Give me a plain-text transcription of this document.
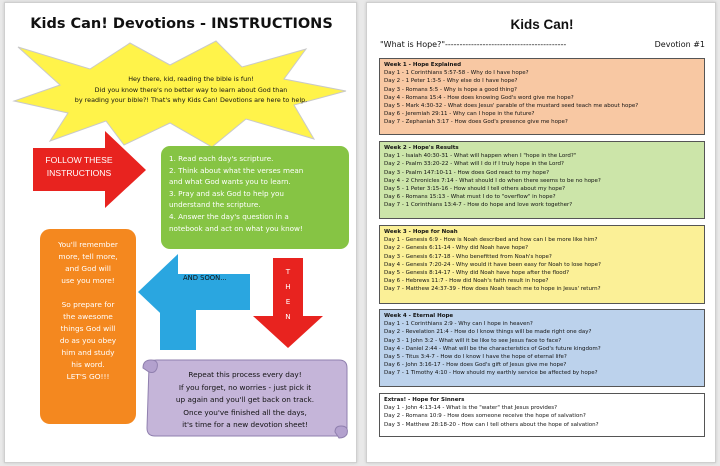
Kids Can! Devotions - INSTRUCTIONS
Hey there, kid, reading the bible is fun!
Did you know there's no better way to learn about God than
by reading your bible?! That's why Kids Can! Devotions are here to help.
FOLLOW THESE
INSTRUCTIONS
1. Read each day's scripture.
2. Think about what the verses mean
and what God wants you to learn.
3. Pray and ask God to help you
understand the scripture.
4. Answer the day's question in a
notebook and act on what you know!
AND SOON...
T
H
E
N

You'll remember
more, tell more,
and God will
use you more!

So prepare for
the awesome
things God will
do as you obey
him and study
his word.
LET'S GO!!!	Repeat this process every day!
If you forget, no worries - just pick it
up again and you'll get back on track.
Once you've finished all the days,
it's time for a new devotion sheet!
Kids Can!
"What is Hope?"------------------------------------------	Devotion #1
Week 1 - Hope Explained
Day 1 - 1 Corinthians 5:57-58 - Why do I have hope?
Day 2 - 1 Peter 1:3-5 - Why else do I have hope?
Day 3 - Romans 5:5 - Why is hope a good thing?
Day 4 - Romans 15:4 - How does knowing God's word give me hope?
Day 5 - Mark 4:30-32 - What does Jesus' parable of the mustard seed teach me about hope?
Day 6 - Jeremiah 29:11 - Why can I hope in the future?
Day 7 - Zephaniah 3:17 - How does God's presence give me hope?
Week 2 - Hope's Results
Day 1 - Isaiah 40:30-31 - What will happen when I "hope in the Lord?"
Day 2 - Psalm 33:20-22 - What will I do if I truly hope in the Lord?
Day 3 - Psalm 147:10-11 - How does God react to my hope?
Day 4 - 2 Chronicles 7:14 - What should I do when there seems to be no hope?
Day 5 - 1 Peter 3:15-16 - How should I tell others about my hope?
Day 6 - Romans 15:13 - What must I do to "overflow" in hope?
Day 7 - 1 Corinthians 13:4-7 - How do hope and love work together?
Week 3 - Hope for Noah
Day 1 - Genesis 6:9 - How is Noah described and how can I be more like him?
Day 2 - Genesis 6:11-14 - Why did Noah have hope?
Day 3 - Genesis 6:17-18 - Who benefitted from Noah's hope?
Day 4 - Genesis 7:20-24 - Why would it have been easy for Noah to lose hope?
Day 5 - Genesis 8:14-17 - Why did Noah have hope after the flood?
Day 6 - Hebrews 11:7 - How did Noah's faith result in hope?
Day 7 - Matthew 24:37-39 - How does Noah teach me to hope in Jesus' return?
Week 4 - Eternal Hope
Day 1 - 1 Corinthians 2:9 - Why can I hope in heaven?
Day 2 - Revelation 21:4 - How do I know things will be made right one day?
Day 3 - 1 John 3:2 - What will it be like to see Jesus face to face?
Day 4 - Daniel 2:44 - What will be the characteristics of God's future kingdom?
Day 5 - Titus 3:4-7 - How do I know I have the hope of eternal life?
Day 6 - John 3:16-17 - How does God's gift of Jesus give me hope?
Day 7 - 1 Timothy 4:10 - How should my earthly service be affected by hope?
Extras! - Hope for Sinners
Day 1 - John 4:13-14 - What is the "water" that Jesus provides?
Day 2 - Romans 10:9 - How does someone receive the hope of salvation?
Day 3 - Matthew 28:18-20 - How can I tell others about the hope of salvation?
